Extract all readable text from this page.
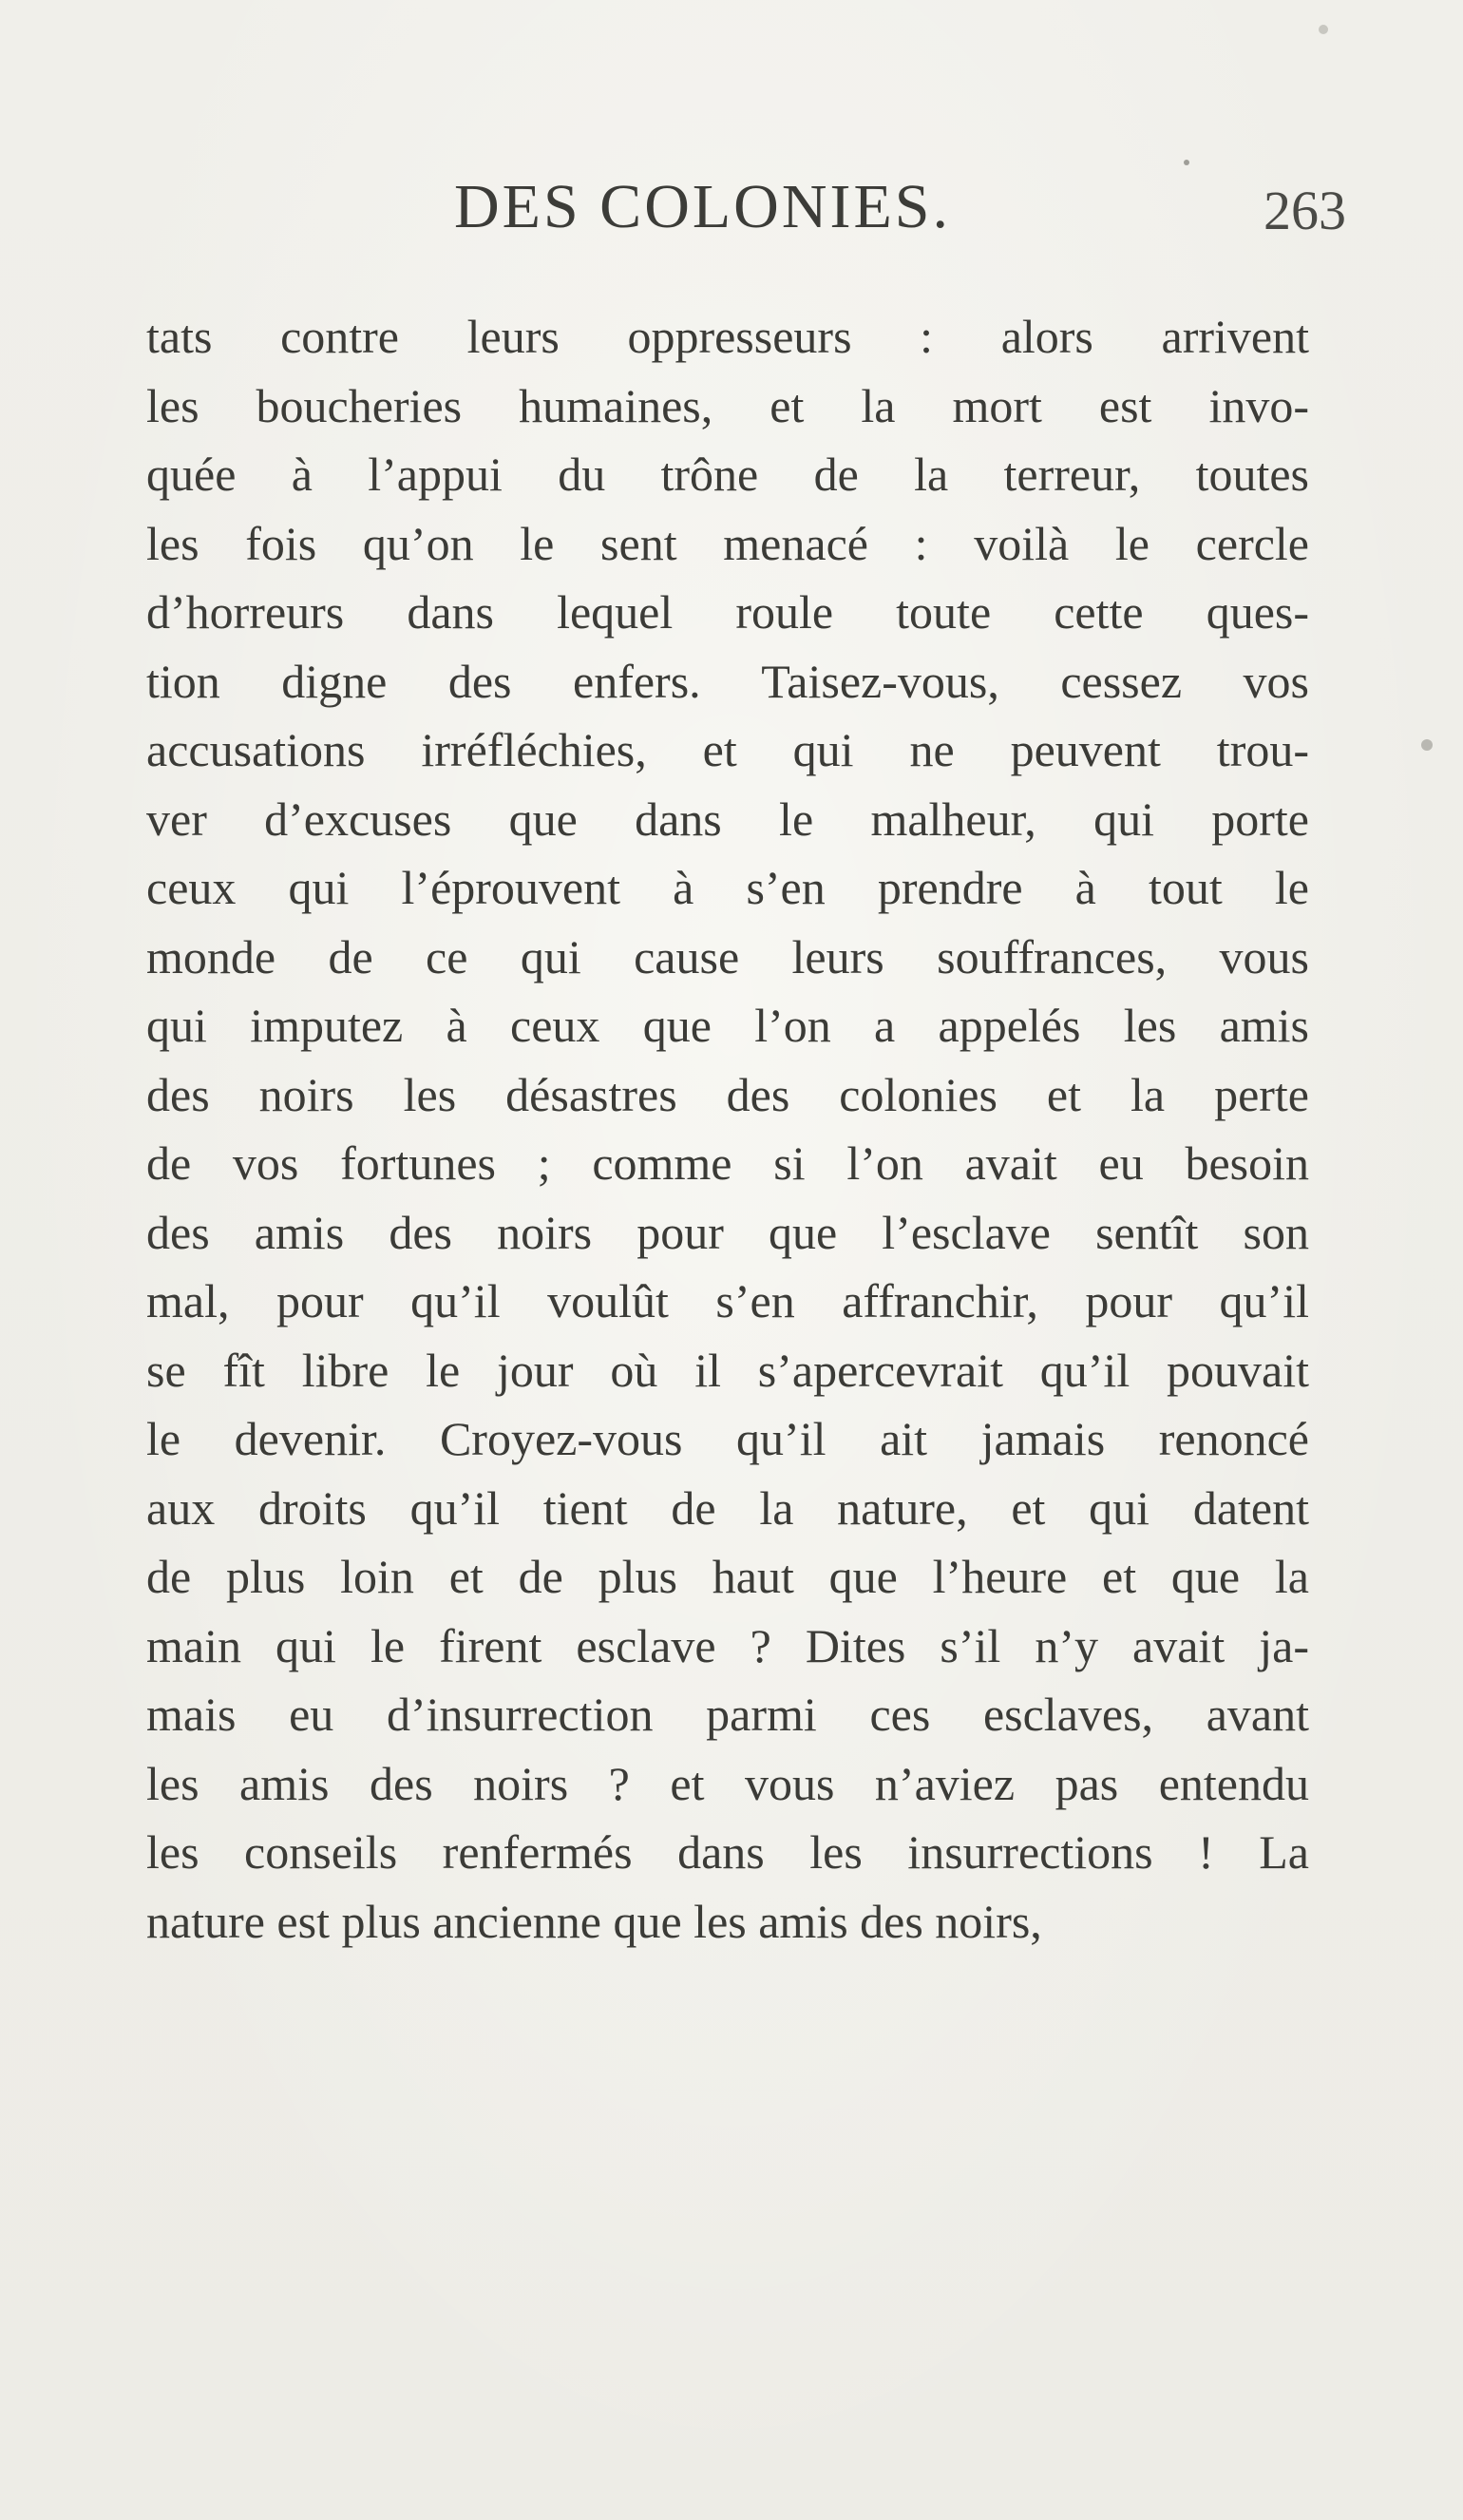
DES COLONIES.	263
tats contre leurs oppresseurs : alors arrivent
les boucheries humaines, et la mort est invo-
quée à l’appui du trône de la terreur, toutes
les fois qu’on le sent menacé : voilà le cercle
d’horreurs dans lequel roule toute cette ques-
tion digne des enfers. Taisez-vous, cessez vos
accusations irréfléchies, et qui ne peuvent trou-
ver d’excuses que dans le malheur, qui porte
ceux qui l’éprouvent à s’en prendre à tout le
monde de ce qui cause leurs souffrances, vous
qui imputez à ceux que l’on a appelés les amis
des noirs les désastres des colonies et la perte
de vos fortunes ; comme si l’on avait eu besoin
des amis des noirs pour que l’esclave sentît son
mal, pour qu’il voulût s’en affranchir, pour qu’il
se fît libre le jour où il s’apercevrait qu’il pouvait
le devenir. Croyez-vous qu’il ait jamais renoncé
aux droits qu’il tient de la nature, et qui datent
de plus loin et de plus haut que l’heure et que la
main qui le firent esclave ? Dites s’il n’y avait ja-
mais eu d’insurrection parmi ces esclaves, avant
les amis des noirs ? et vous n’aviez pas entendu
les conseils renfermés dans les insurrections ! La
nature est plus ancienne que les amis des noirs,
